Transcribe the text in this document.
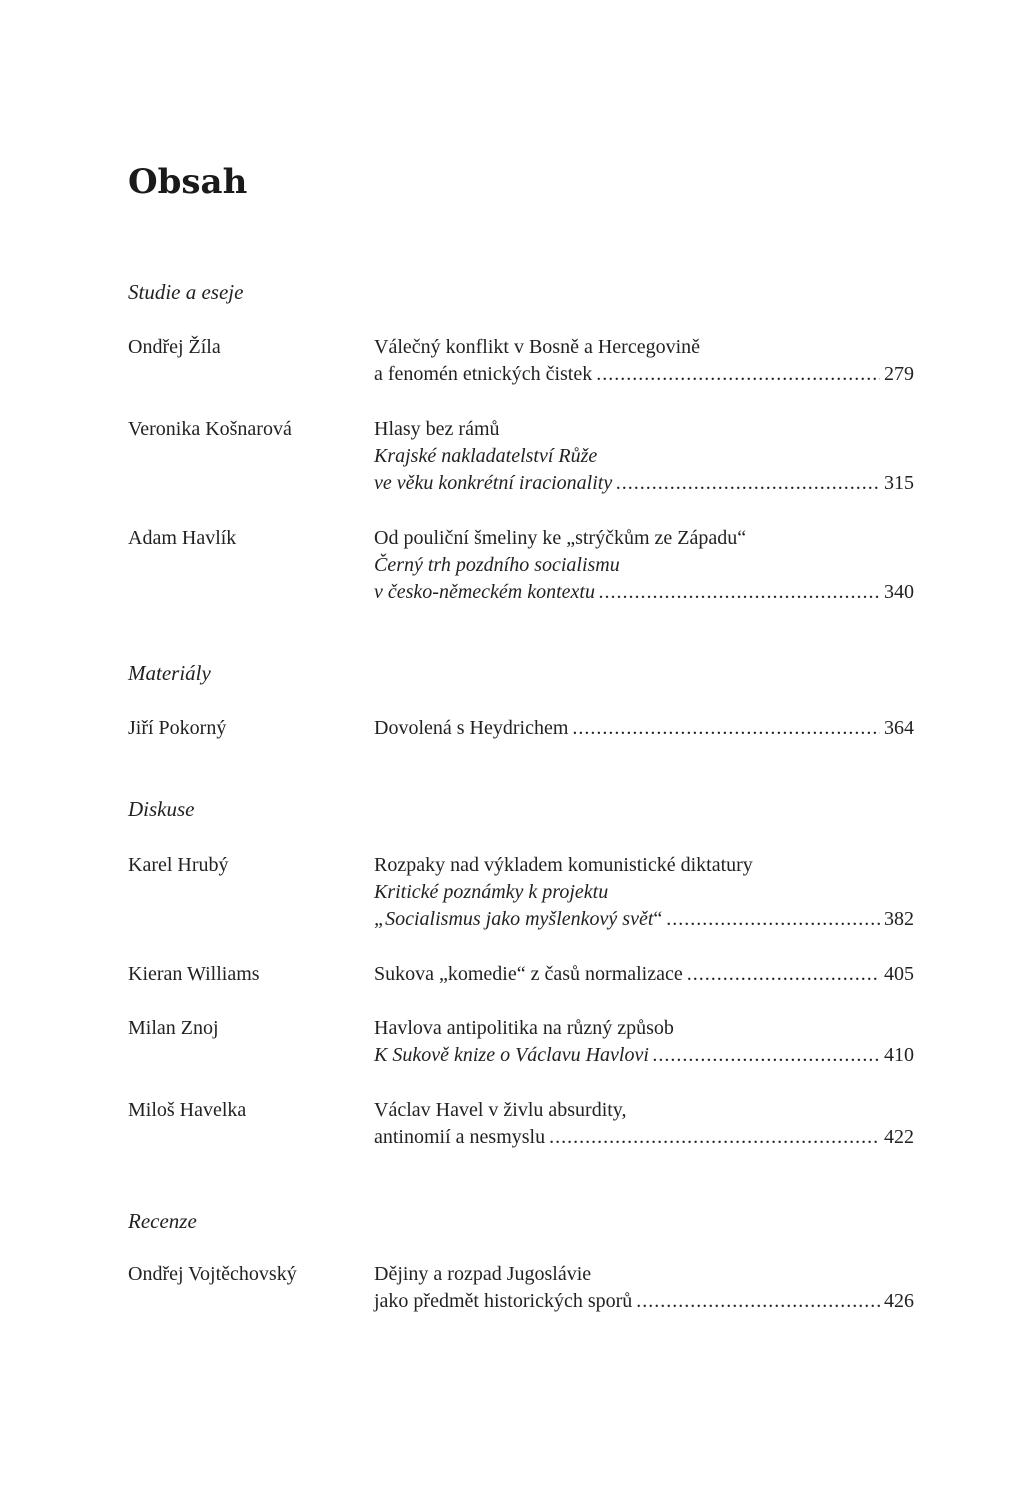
Obsah
Studie a eseje
Ondřej Žíla	Válečný konflikt v Bosně a Hercegovině
a fenomén etnických čistek .....	279
Veronika Košnarová	Hlasy bez rámů
Krajské nakladatelství Růže
ve věku konkrétní iracionality .....	315
Adam Havlík	Od pouliční šmeliny ke „strýčkům ze Západu“
Černý trh pozdního socialismu
v česko-německém kontextu .....	340
Materiály
Jiří Pokorný	Dovolená s Heydrichem .....	364
Diskuse
Karel Hrubý	Rozpaky nad výkladem komunistické diktatury
Kritické poznámky k projektu
„Socialismus jako myšlenkový svět“ .....	382
Kieran Williams	Sukova „komedie“ z časů normalizace .....	405
Milan Znoj	Havlova antipolitika na různý způsob
K Sukově knize o Václavu Havlovi .....	410
Miloš Havelka	Václav Havel v živlu absurdity,
antinomií a nesmyslu .....	422
Recenze
Ondřej Vojtěchovský	Dějiny a rozpad Jugoslávie
jako předmět historických sporů .....	426
